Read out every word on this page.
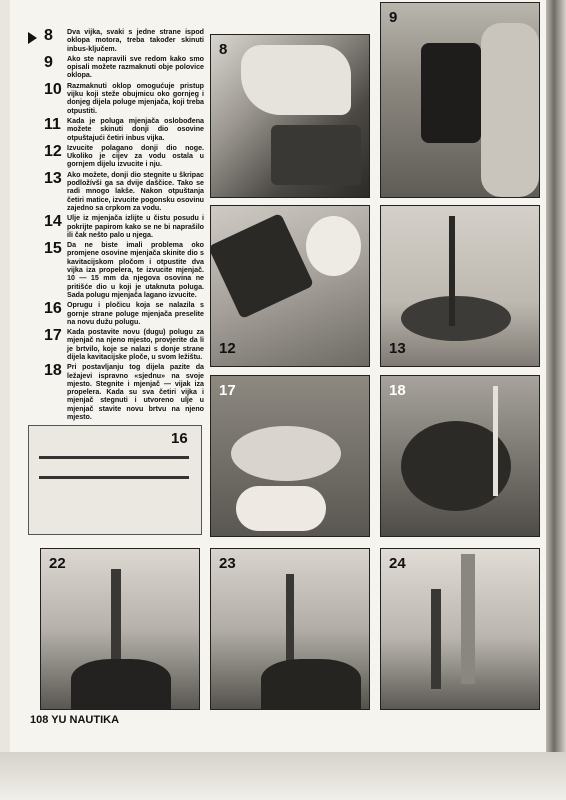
8	Dva vijka, svaki s jedne strane ispod oklopa motora, treba također skinuti inbus-ključem.
9	Ako ste napravili sve redom kako smo opisali možete razmaknuti obje polovice oklopa.
10 Razmaknuti oklop omogućuje pristup vijku koji steže obujmicu oko gornjeg i donjeg dijela poluge mjenjača, koji treba otpustiti.
11 Kada je poluga mjenjača oslobođena možete skinuti donji dio osovine otpuštajući četiri inbus vijka.
12 Izvucite polagano donji dio noge. Ukoliko je cijev za vodu ostala u gornjem dijelu izvucite i nju.
13 Ako možete, donji dio stegnite u škripac podložívši ga sa dvije daščice. Tako se radi mnogo lakše. Nakon otpuštanja četiri matice, izvucite pogonsku osovinu zajedno sa crpkom za vodu.
14 Ulje iz mjenjača izlijte u čistu posudu i pokrijte papirom kako se ne bi naprašilo ili čak nešto palo u njega.
15 Da ne biste imali problema oko promjene osovine mjenjača skinite dio s kavitacijskom pločom i otpustite dva vijka iza propelera, te izvucite mjenjač. 10 — 15 mm da njegova osovina ne pritišće dio u koji je utaknuta poluga. Sada polugu mjenjača lagano izvucite.
16 Oprugu i pločicu koja se nalazila s gornje strane poluge mjenjača preselite na novu dužu polugu.
17 Kada postavite novu (dugu) polugu za mjenjač na njeno mjesto, provjerite da li je brtvilo, koje se nalazi s donje strane dijela kavitacijske ploče, u svom ležištu.
18 Pri postavljanju tog dijela pazite da ležajevi ispravno «sjednu» na svoje mjesto. Stegnite i mjenjač — vijak iza propelera. Kada su sva četiri vijka i mjenjač stegnuti i utvoreno ulje u mjenjač stavite novu brtvu na njeno mjesto.
8
9
12	13
16
17	18
22	23	24
108 YU NAUTIKA
